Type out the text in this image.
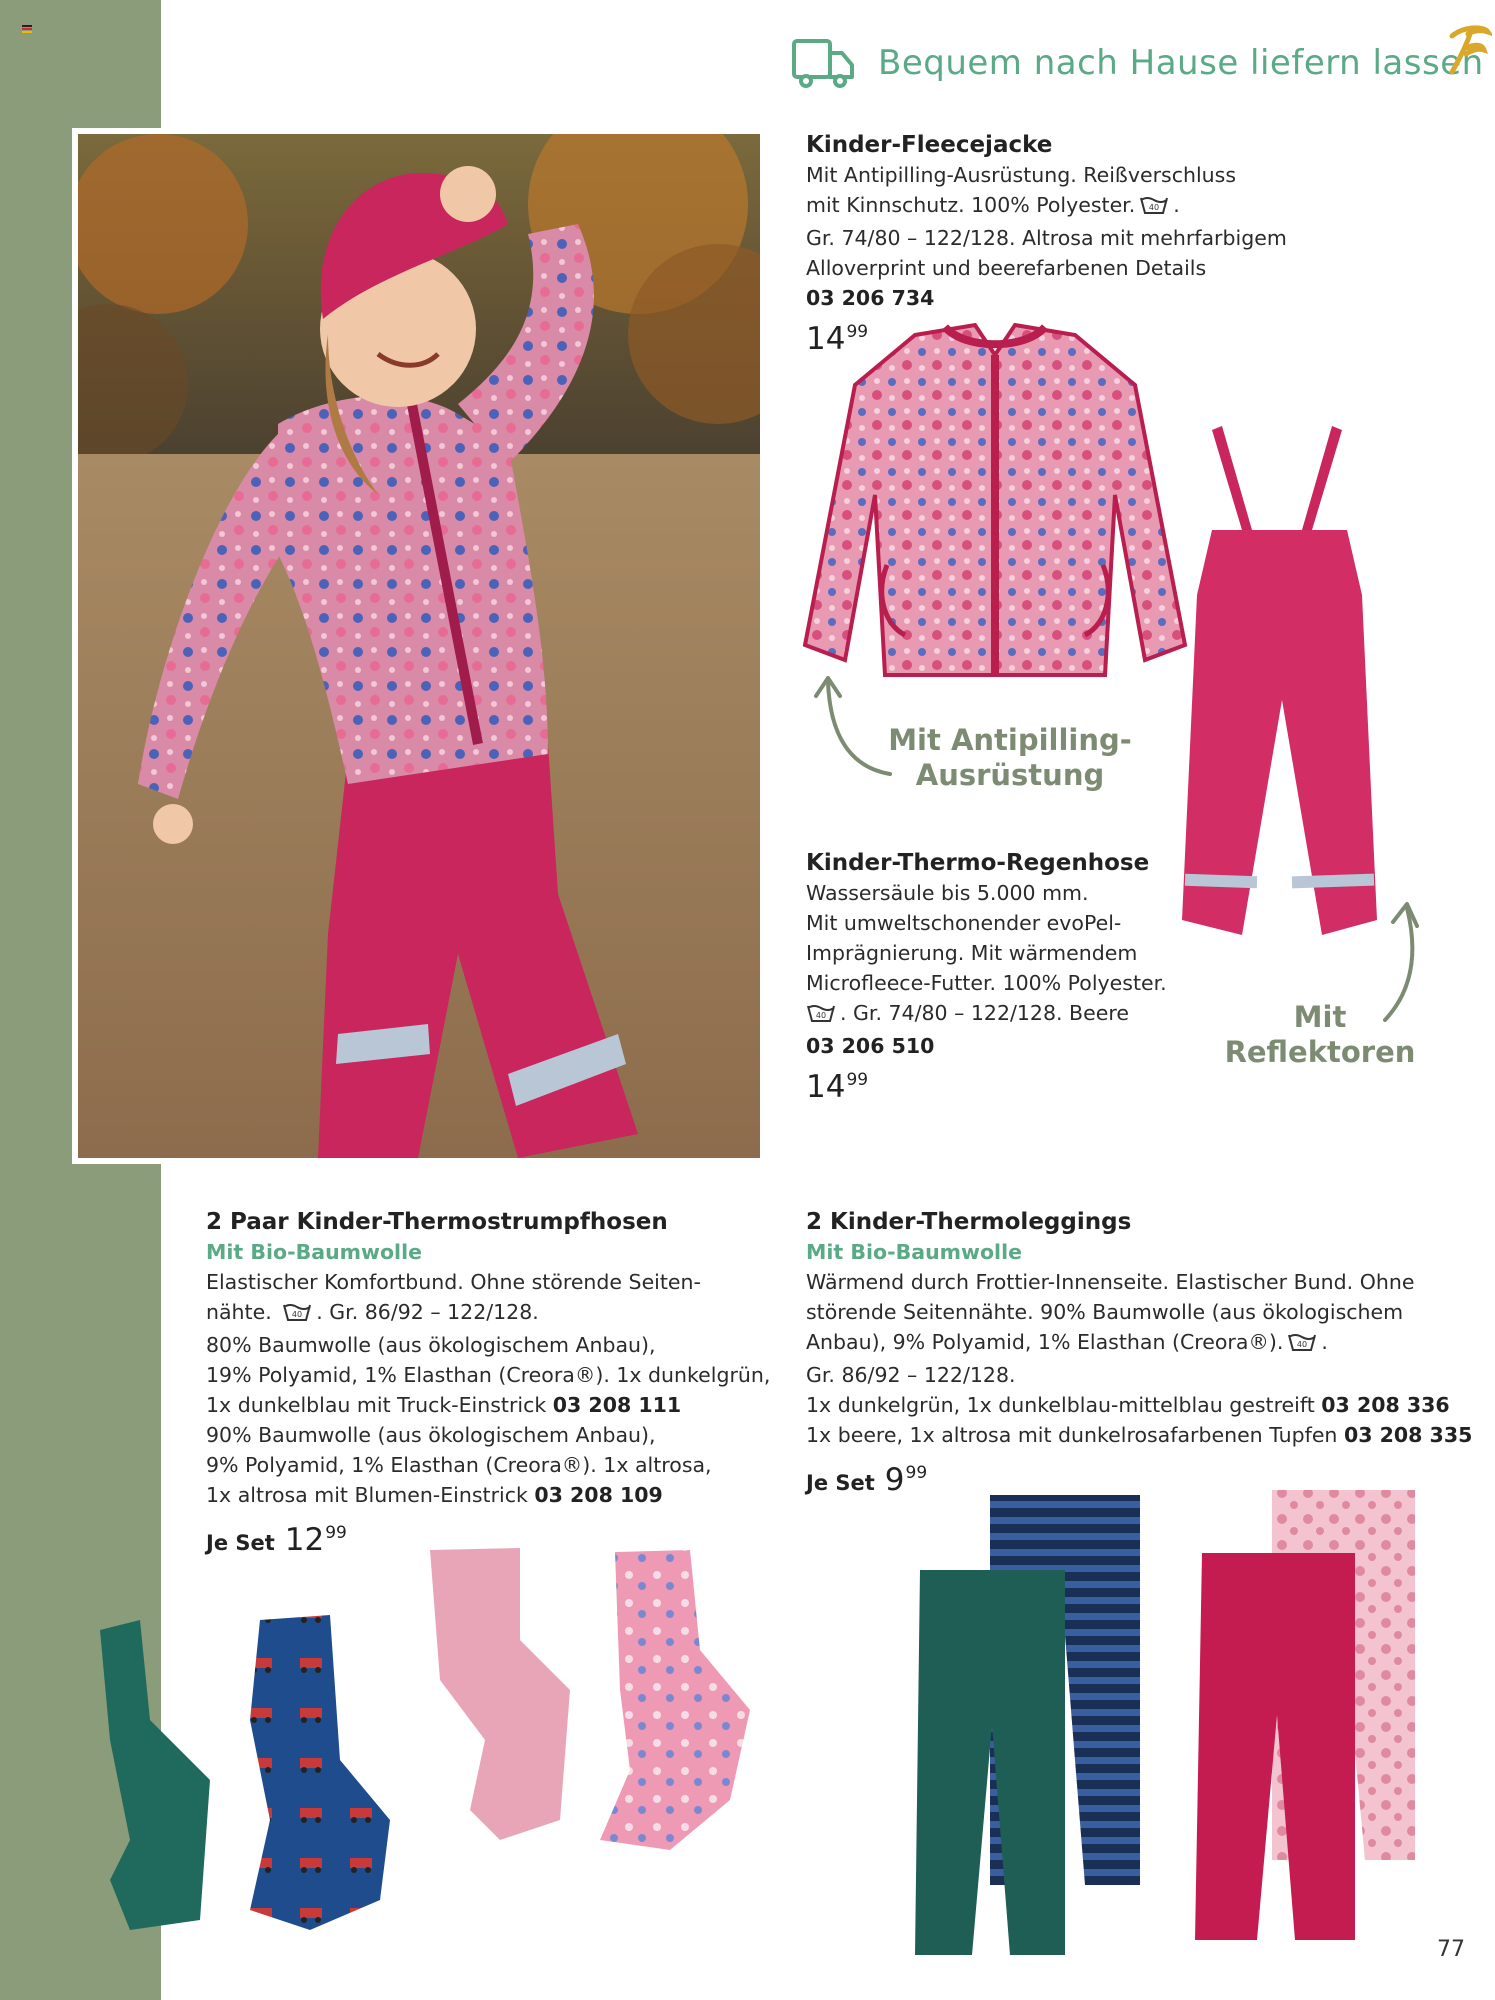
Bequem nach Hause liefern lassen
Kinder-Fleecejacke
Mit Antipilling-Ausrüstung. Reißverschluss
mit Kinnschutz. 100% Polyester. 40 .
Gr. 74/80 – 122/128. Altrosa mit mehrfarbigem
Alloverprint und beerefarbenen Details
03 206 734
$14^{99}$
Mit Antipilling-
Ausrüstung
Mit
Reflektoren
Kinder-Thermo-Regenhose
Wassersäule bis 5.000 mm.
Mit umweltschonender evoPel-
Imprägnierung. Mit wärmendem
Microfleece-Futter. 100% Polyester.
40 . Gr. 74/80 – 122/128. Beere
03 206 510
$14^{99}$
2 Paar Kinder-Thermostrumpfhosen
Mit Bio-Baumwolle
Elastischer Komfortbund. Ohne störende Seiten-
nähte.	40 . Gr. 86/92 – 122/128.
80% Baumwolle (aus ökologischem Anbau),
19% Polyamid, 1% Elasthan (Creora®). 1x dunkelgrün,
1x dunkelblau mit Truck-Einstrick 03 208 111
90% Baumwolle (aus ökologischem Anbau),
9% Polyamid, 1% Elasthan (Creora®). 1x altrosa,
1x altrosa mit Blumen-Einstrick 03 208 109
Je Set $12^{99}$
2 Kinder-Thermoleggings
Mit Bio-Baumwolle
Wärmend durch Frottier-Innenseite. Elastischer Bund. Ohne
störende Seitennähte. 90% Baumwolle (aus ökologischem
Anbau), 9% Polyamid, 1% Elasthan (Creora®). 40 .
Gr. 86/92 – 122/128.
1x dunkelgrün, 1x dunkelblau-mittelblau gestreift 03 208 336
1x beere, 1x altrosa mit dunkelrosafarbenen Tupfen 03 208 335
Je Set $9^{99}$
77
